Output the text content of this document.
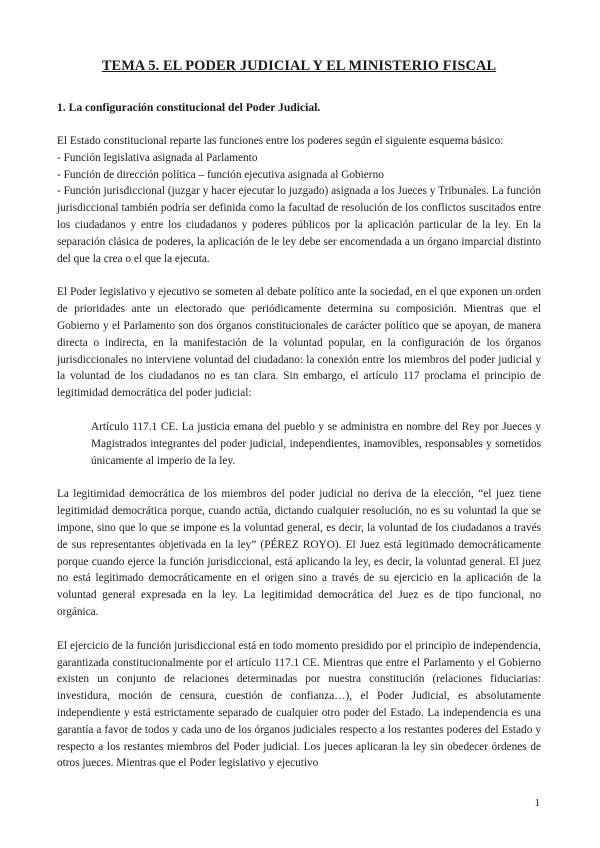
TEMA 5. EL PODER JUDICIAL Y EL MINISTERIO FISCAL
1. La configuración constitucional del Poder Judicial.
El Estado constitucional reparte las funciones entre los poderes según el siguiente esquema básico:
- Función legislativa asignada al Parlamento
- Función de dirección política – función ejecutiva asignada al Gobierno

- Función jurisdiccional (juzgar y hacer ejecutar lo juzgado) asignada a los Jueces y Tribunales. La función jurisdiccional también podría ser definida como la facultad de resolución de los conflictos suscitados entre los ciudadanos y entre los ciudadanos y poderes públicos por la aplicación particular de la ley. En la separación clásica de poderes, la aplicación de le ley debe ser encomendada a un órgano imparcial distinto del que la crea o el que la ejecuta.

El Poder legislativo y ejecutivo se someten al debate político ante la sociedad, en el que exponen un orden de prioridades ante un electorado que periódicamente determina su composición. Mientras que el Gobierno y el Parlamento son dos órganos constitucionales de carácter político que se apoyan, de manera directa o indirecta, en la manifestación de la voluntad popular, en la configuración de los órganos jurisdiccionales no interviene voluntad del ciudadano: la conexión entre los miembros del poder judicial y la voluntad de los ciudadanos no es tan clara. Sin embargo, el artículo 117 proclama el principio de legitimidad democrática del poder judicial:

Artículo 117.1 CE. La justicia emana del pueblo y se administra en nombre del Rey por Jueces y Magistrados integrantes del poder judicial, independientes, inamovibles, responsables y sometidos únicamente al imperio de la ley.

La legitimidad democrática de los miembros del poder judicial no deriva de la elección, “el juez tiene legitimidad democrática porque, cuando actúa, dictando cualquier resolución, no es su voluntad la que se impone, sino que lo que se impone es la voluntad general, es decir, la voluntad de los ciudadanos a través de sus representantes objetivada en la ley” (PÉREZ ROYO). El Juez está legitimado democráticamente porque cuando ejerce la función jurisdiccional, está aplicando la ley, es decir, la voluntad general. El juez no está legitimado democráticamente en el origen sino a través de su ejercicio en la aplicación de la voluntad general expresada en la ley. La legitimidad democrática del Juez es de tipo funcional, no orgánica.

El ejercicio de la función jurisdiccional está en todo momento presidido por el principio de independencia, garantizada constitucionalmente por el artículo 117.1 CE. Mientras que entre el Parlamento y el Gobierno existen un conjunto de relaciones determinadas por nuestra constitución (relaciones fiduciarias: investidura, moción de censura, cuestión de confianza…), el Poder Judicial, es absolutamente independiente y está estrictamente separado de cualquier otro poder del Estado. La independencia es una garantía a favor de todos y cada uno de los órganos judiciales respecto a los restantes poderes del Estado y respecto a los restantes miembros del Poder judicial. Los jueces aplicaran la ley sin obedecer órdenes de otros jueces. Mientras que el Poder legislativo y ejecutivo

1
